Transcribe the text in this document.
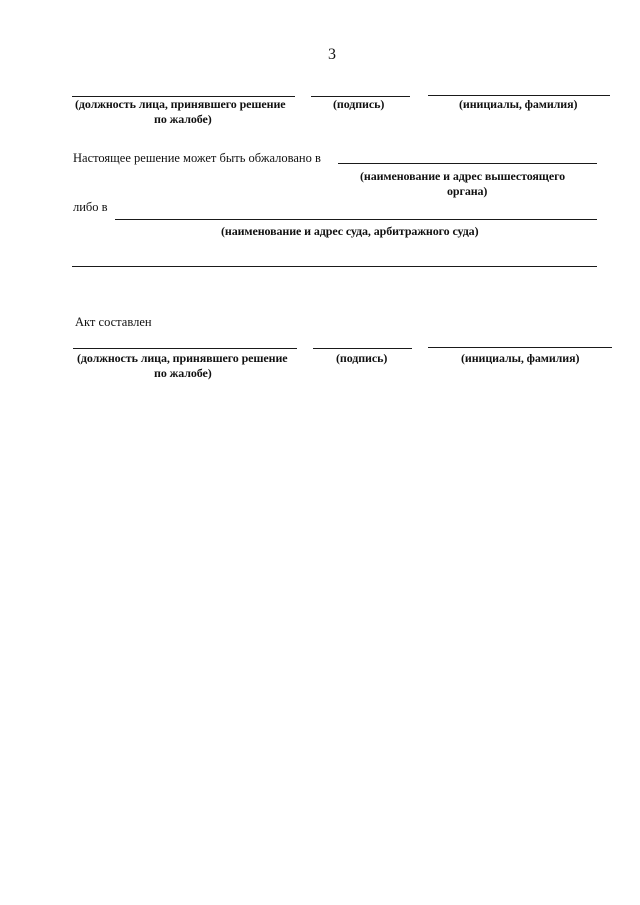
3
(должность лица, принявшего решение
по жалобе)
(подпись)	(инициалы, фамилия)
Настоящее решение может быть обжаловано в
(наименование и адрес вышестоящего
органа)
либо в
(наименование и адрес суда, арбитражного суда)
Акт составлен
(должность лица, принявшего решение
по жалобе)
(подпись)	(инициалы, фамилия)
